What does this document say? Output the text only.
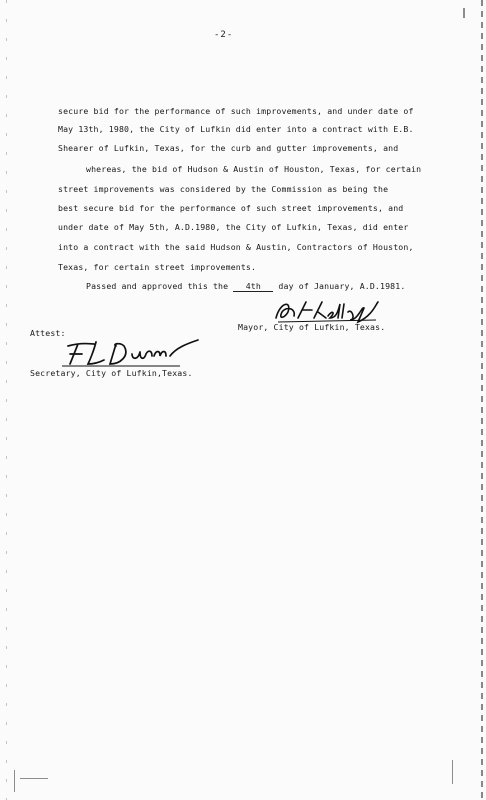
-2-
secure bid for the performance of such improvements, and under date of
May 13th, 1980, the City of Lufkin did enter into a contract with E.B.
Shearer of Lufkin, Texas, for the curb and gutter improvements, and
whereas, the bid of Hudson & Austin of Houston, Texas, for certain
street improvements was considered by the Commission as being the
best secure bid for the performance of such street improvements, and
under date of May 5th, A.D.1980, the City of Lufkin, Texas, did enter
into a contract with the said Hudson & Austin, Contractors of Houston,
Texas, for certain street improvements.
Passed and approved this the 4th day of January, A.D.1981.
Mayor, City of Lufkin, Texas.
Attest:
Secretary, City of Lufkin,Texas.
